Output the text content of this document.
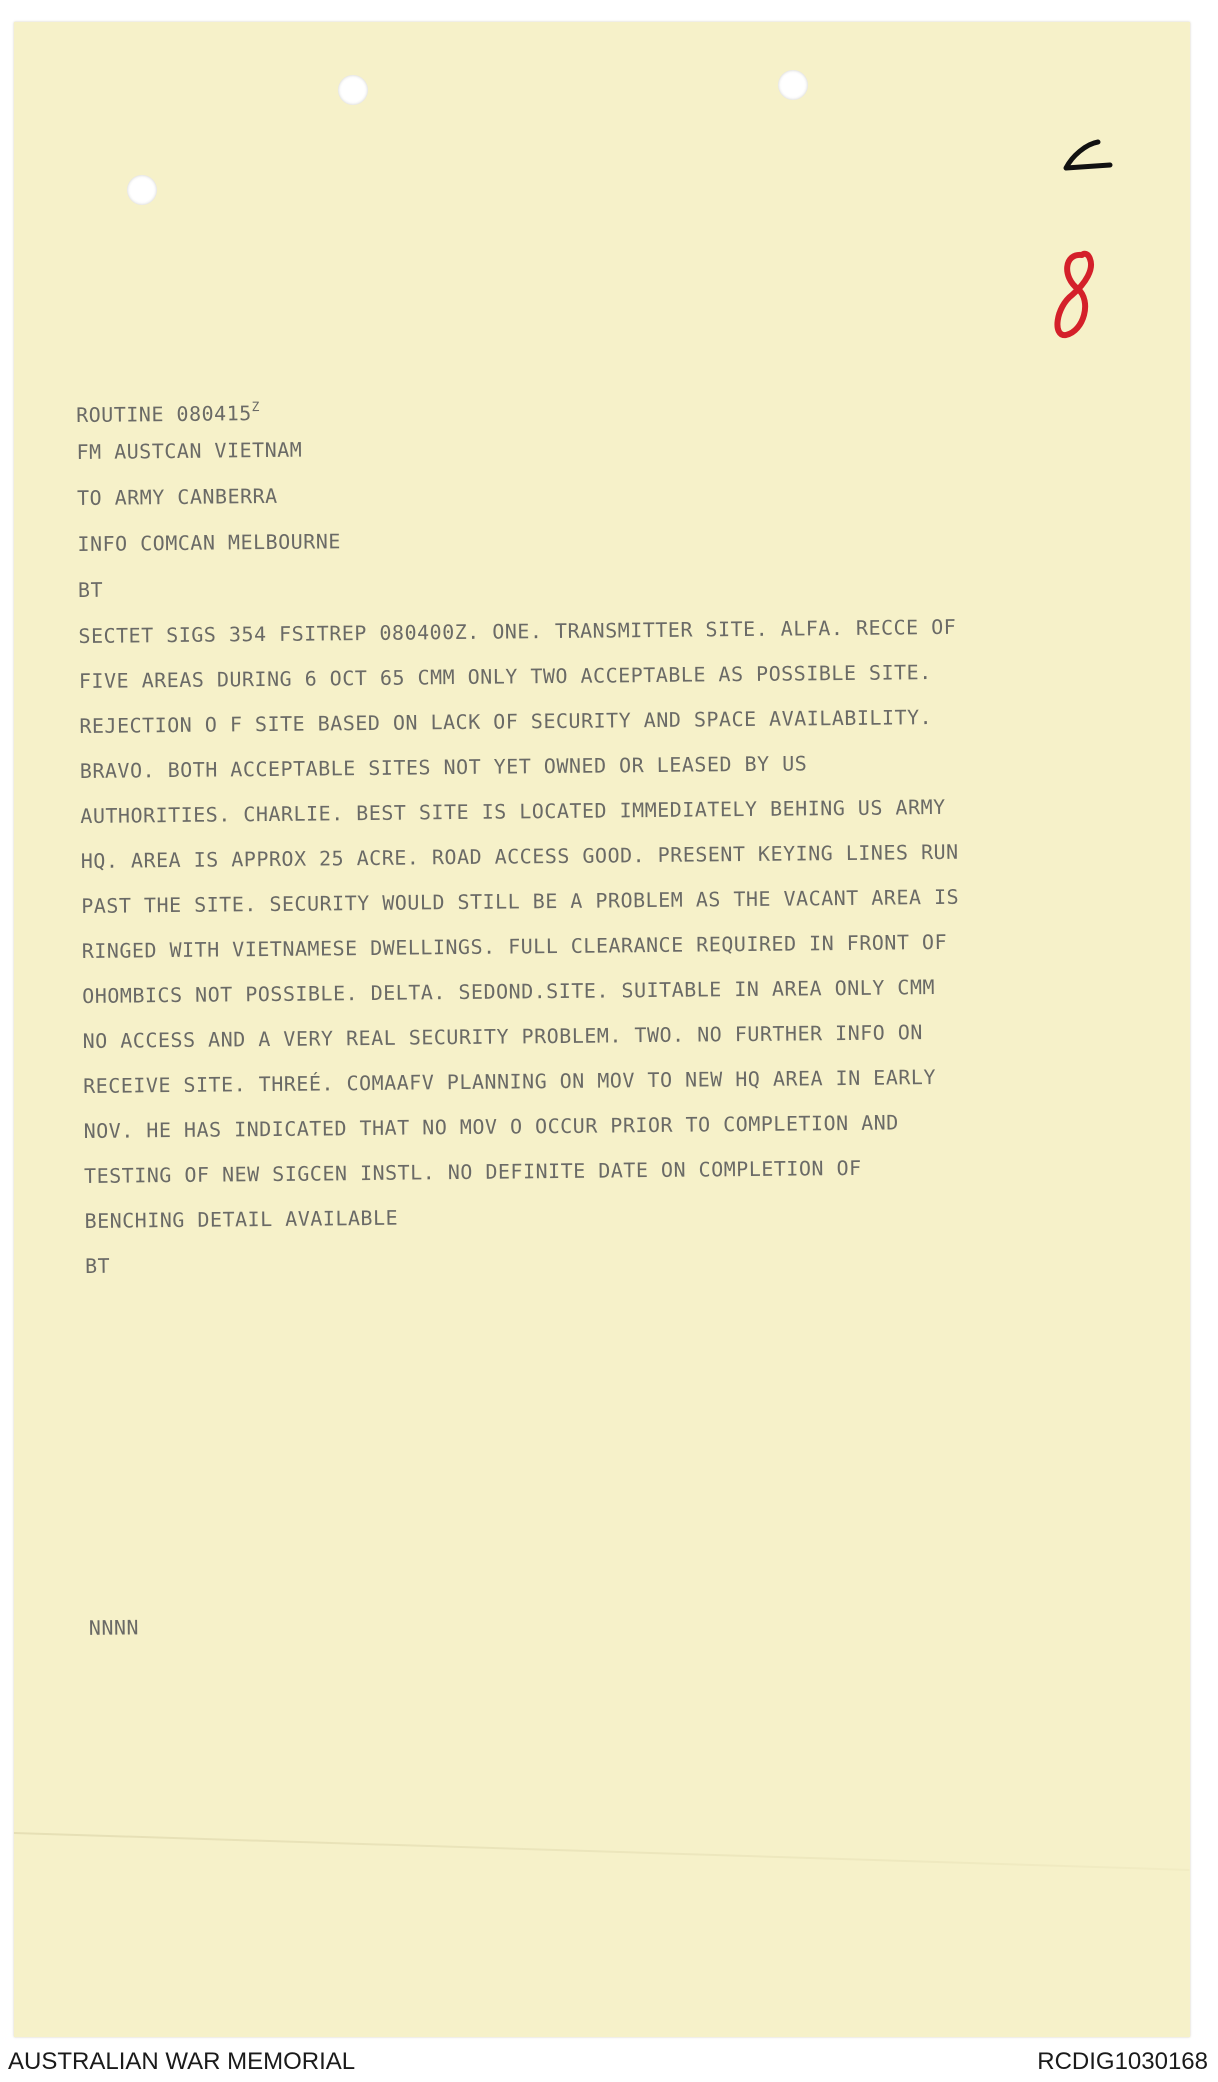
ROUTINE $080415^Z$
FM AUSTCAN VIETNAM
TO ARMY CANBERRA
INFO COMCAN MELBOURNE
BT
SECTET SIGS 354 FSITREP 080400Z. ONE. TRANSMITTER SITE. ALFA. RECCE OF
FIVE AREAS DURING 6 OCT 65 CMM ONLY TWO ACCEPTABLE AS POSSIBLE SITE.
REJECTION O F SITE BASED ON LACK OF SECURITY AND SPACE AVAILABILITY.
BRAVO. BOTH ACCEPTABLE SITES NOT YET OWNED OR LEASED BY US
AUTHORITIES. CHARLIE. BEST SITE IS LOCATED IMMEDIATELY BEHING US ARMY
HQ. AREA IS APPROX 25 ACRE. ROAD ACCESS GOOD. PRESENT KEYING LINES RUN
PAST THE SITE. SECURITY WOULD STILL BE A PROBLEM AS THE VACANT AREA IS
RINGED WITH VIETNAMESE DWELLINGS. FULL CLEARANCE REQUIRED IN FRONT OF
OHOMBICS NOT POSSIBLE. DELTA. SEDOND.SITE. SUITABLE IN AREA ONLY CMM
NO ACCESS AND A VERY REAL SECURITY PROBLEM. TWO. NO FURTHER INFO ON
RECEIVE SITE. THREÉ. COMAAFV PLANNING ON MOV TO NEW HQ AREA IN EARLY
NOV. HE HAS INDICATED THAT NO MOV O OCCUR PRIOR TO COMPLETION AND
TESTING OF NEW SIGCEN INSTL. NO DEFINITE DATE ON COMPLETION OF
BENCHING DETAIL AVAILABLE
BT
NNNN
AUSTRALIAN WAR MEMORIAL	RCDIG1030168
